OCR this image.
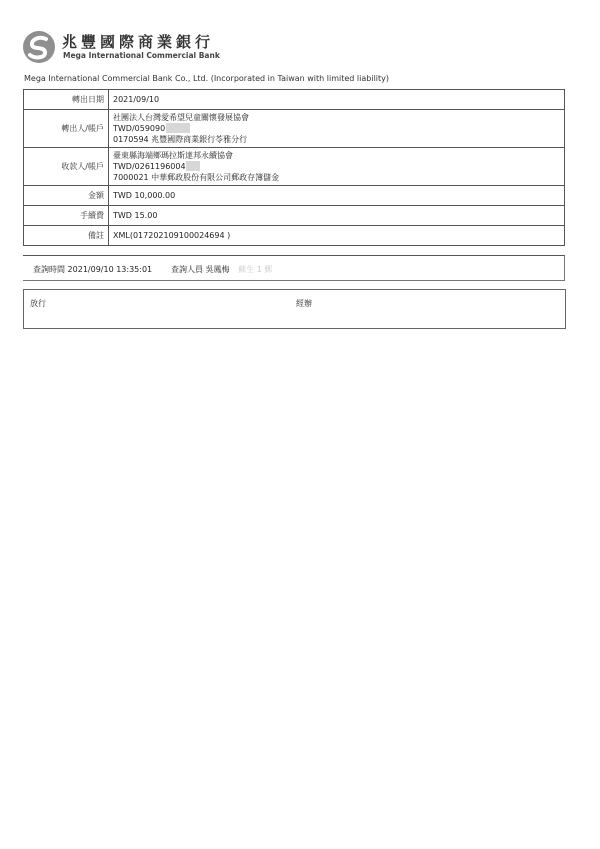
兆豐國際商業銀行
Mega International Commercial Bank
Mega International Commercial Bank Co., Ltd. (Incorporated in Taiwan with limited liability)
轉出日期	2021/09/10
轉出人/帳戶	社團法人台灣愛希望兒童關懷發展協會
TWD/059090
0170594 兆豐國際商業銀行苓雅分行

收款人/帳戶	臺東縣海端鄉瑪拉斯達邦永續協會
TWD/0261196004
7000021 中華郵政股份有限公司郵政存簿儲金

金額	TWD 10,000.00
手續費	TWD 15.00
備註	XML(017202109100024694 )
查詢時間 2021/09/10 13:35:01 查詢人員 吳鳳梅 蘇生 1 郵
放行	經辦
